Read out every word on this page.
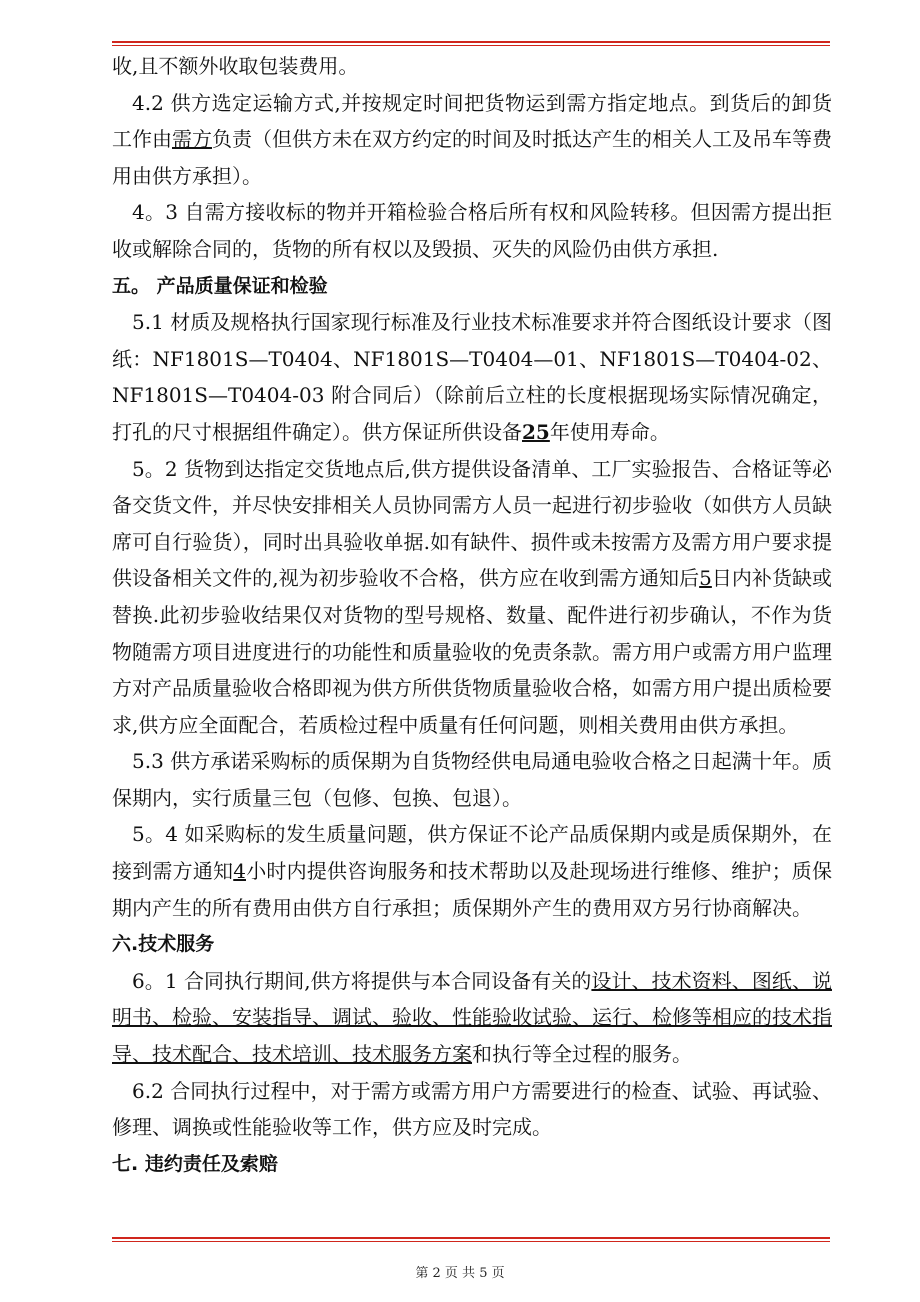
收,且不额外收取包装费用。

4.2 供方选定运输方式,并按规定时间把货物运到需方指定地点。到货后的卸货工作由需方负责（但供方未在双方约定的时间及时抵达产生的相关人工及吊车等费用由供方承担）。

4。3 自需方接收标的物并开箱检验合格后所有权和风险转移。但因需方提出拒收或解除合同的，货物的所有权以及毁损、灭失的风险仍由供方承担.

五。 产品质量保证和检验

5.1 材质及规格执行国家现行标准及行业技术标准要求并符合图纸设计要求（图纸：NF1801S—T0404、NF1801S—T0404—01、NF1801S—T0404-02、NF1801S—T0404-03 附合同后）（除前后立柱的长度根据现场实际情况确定，打孔的尺寸根据组件确定）。供方保证所供设备25年使用寿命。

5。2 货物到达指定交货地点后,供方提供设备清单、工厂实验报告、合格证等必备交货文件，并尽快安排相关人员协同需方人员一起进行初步验收（如供方人员缺席可自行验货），同时出具验收单据.如有缺件、损件或未按需方及需方用户要求提供设备相关文件的,视为初步验收不合格，供方应在收到需方通知后5日内补货缺或替换.此初步验收结果仅对货物的型号规格、数量、配件进行初步确认，不作为货物随需方项目进度进行的功能性和质量验收的免责条款。需方用户或需方用户监理方对产品质量验收合格即视为供方所供货物质量验收合格，如需方用户提出质检要求,供方应全面配合，若质检过程中质量有任何问题，则相关费用由供方承担。

5.3 供方承诺采购标的质保期为自货物经供电局通电验收合格之日起满十年。质保期内，实行质量三包（包修、包换、包退）。

5。4 如采购标的发生质量问题，供方保证不论产品质保期内或是质保期外，在接到需方通知4小时内提供咨询服务和技术帮助以及赴现场进行维修、维护；质保期内产生的所有费用由供方自行承担；质保期外产生的费用双方另行协商解决。

六.技术服务

6。1 合同执行期间,供方将提供与本合同设备有关的设计、技术资料、图纸、说明书、检验、安装指导、调试、验收、性能验收试验、运行、检修等相应的技术指导、技术配合、技术培训、技术服务方案和执行等全过程的服务。

6.2 合同执行过程中，对于需方或需方用户方需要进行的检查、试验、再试验、修理、调换或性能验收等工作，供方应及时完成。

七. 违约责任及索赔

第 2 页 共 5 页
